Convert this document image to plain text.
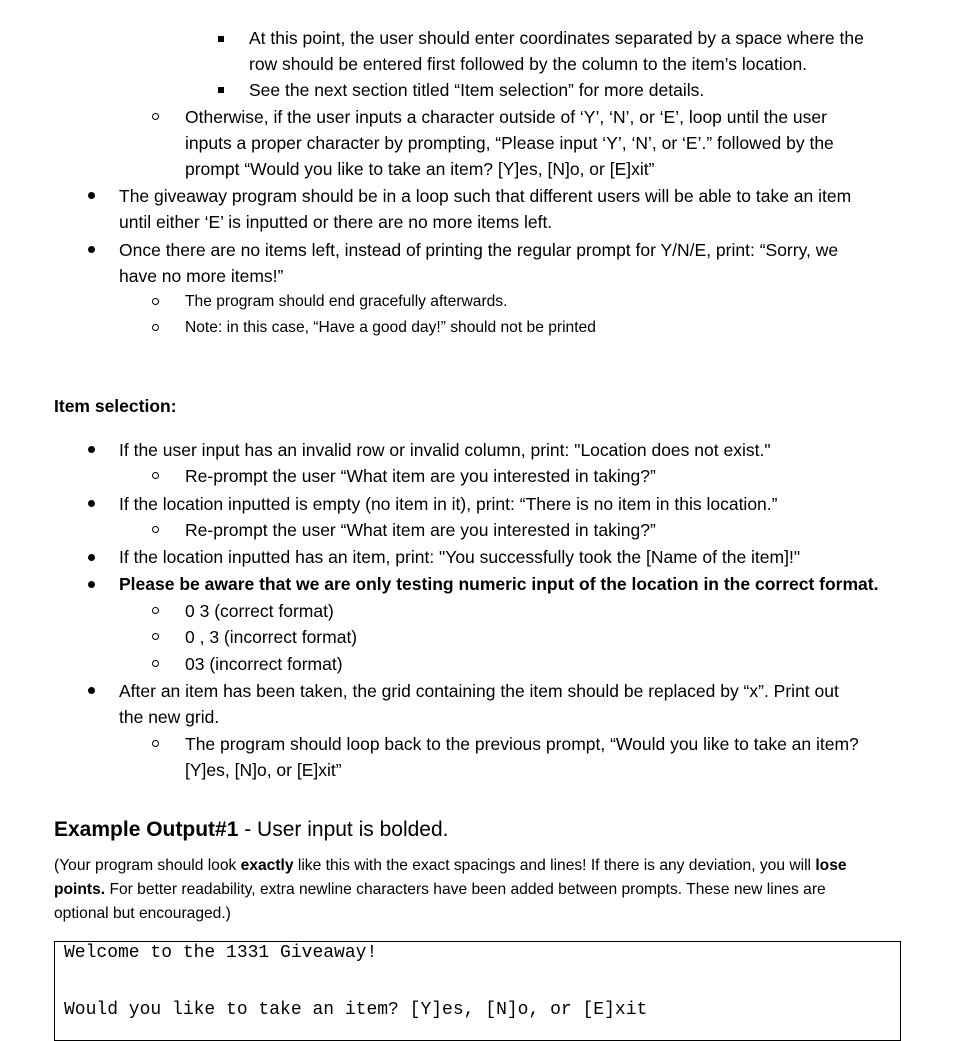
At this point, the user should enter coordinates separated by a space where the
row should be entered first followed by the column to the item’s location.
See the next section titled “Item selection” for more details.
Otherwise, if the user inputs a character outside of ‘Y’, ‘N’, or ‘E’, loop until the user
inputs a proper character by prompting, “Please input ‘Y’, ‘N’, or ‘E’.” followed by the
prompt “Would you like to take an item? [Y]es, [N]o, or [E]xit”
The giveaway program should be in a loop such that different users will be able to take an item
until either ‘E’ is inputted or there are no more items left.
Once there are no items left, instead of printing the regular prompt for Y/N/E, print: “Sorry, we
have no more items!”
The program should end gracefully afterwards.
Note: in this case, “Have a good day!” should not be printed
Item selection:
If the user input has an invalid row or invalid column, print: "Location does not exist."
Re-prompt the user “What item are you interested in taking?”
If the location inputted is empty (no item in it), print: “There is no item in this location.”
Re-prompt the user “What item are you interested in taking?”
If the location inputted has an item, print: "You successfully took the [Name of the item]!"
Please be aware that we are only testing numeric input of the location in the correct format.
0 3 (correct format)
0 , 3 (incorrect format)
03 (incorrect format)
After an item has been taken, the grid containing the item should be replaced by “x”. Print out
the new grid.
The program should loop back to the previous prompt, “Would you like to take an item?
[Y]es, [N]o, or [E]xit”
Example Output#1 - User input is bolded.
(Your program should look exactly like this with the exact spacings and lines! If there is any deviation, you will lose
points. For better readability, extra newline characters have been added between prompts. These new lines are
optional but encouraged.)
Welcome to the 1331 Giveaway!
Would you like to take an item? [Y]es, [N]o, or [E]xit
